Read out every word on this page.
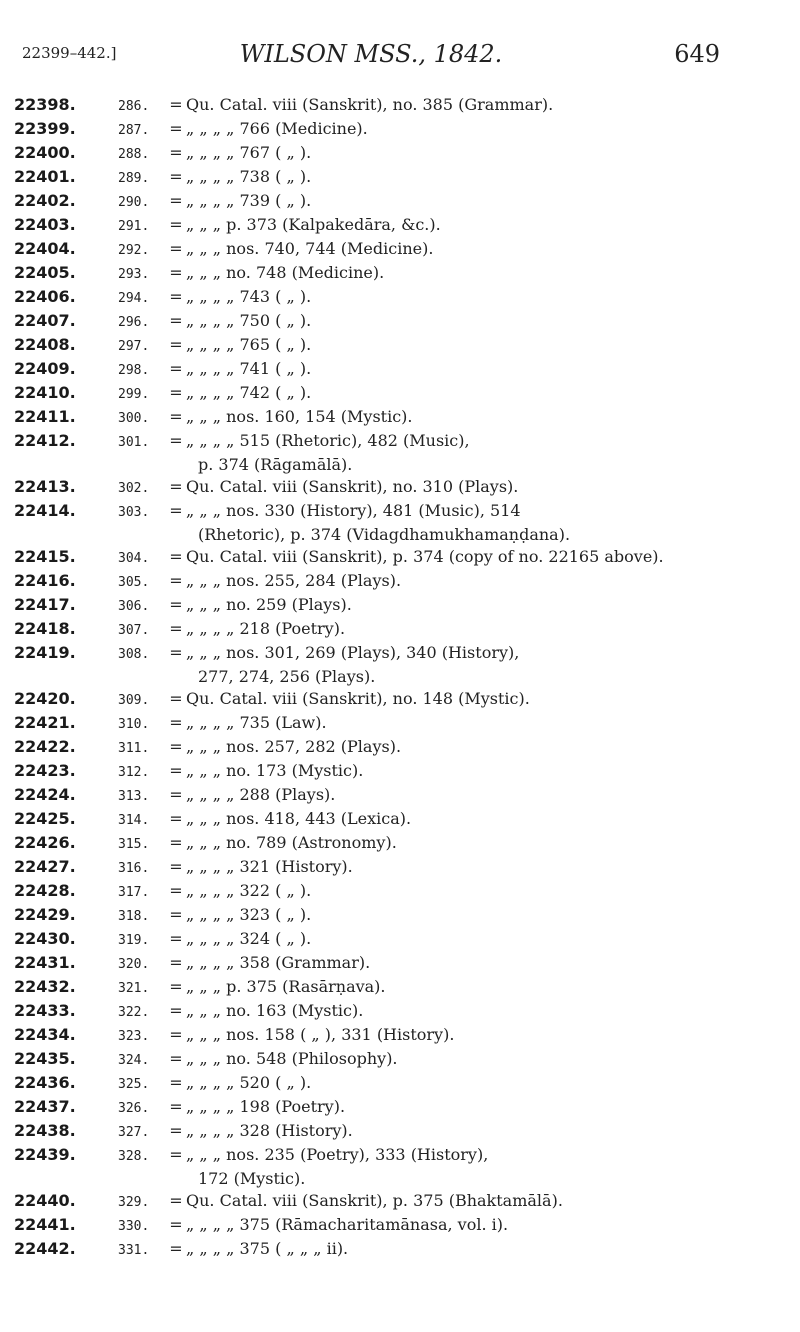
22399–442.]	WILSON MSS., 1842.	649
22398.	286. = Qu. Catal. viii (Sanskrit), no. 385 (Grammar).
22399.	287. = „ „ „ „ 766 (Medicine).
22400.	288. = „ „ „ „ 767 ( „ ).
22401.	289. = „ „ „ „ 738 ( „ ).
22402.	290. = „ „ „ „ 739 ( „ ).
22403.	291. = „ „ „ p. 373 (Kalpakedāra, &c.).
22404.	292. = „ „ „ nos. 740, 744 (Medicine).
22405.	293. = „ „ „ no. 748 (Medicine).
22406.	294. = „ „ „ „ 743 ( „ ).
22407.	296. = „ „ „ „ 750 ( „ ).
22408.	297. = „ „ „ „ 765 ( „ ).
22409.	298. = „ „ „ „ 741 ( „ ).
22410.	299. = „ „ „ „ 742 ( „ ).
22411.	300. = „ „ „ nos. 160, 154 (Mystic).
22412.	301. = „ „ „ „ 515 (Rhetoric), 482 (Music),
p. 374 (Rāgamālā).
22413.	302. = Qu. Catal. viii (Sanskrit), no. 310 (Plays).
22414.	303. = „ „ „ nos. 330 (History), 481 (Music), 514
(Rhetoric), p. 374 (Vidagdhamukhamaṇḍana).
22415.	304. = Qu. Catal. viii (Sanskrit), p. 374 (copy of no. 22165 above).
22416.	305. = „ „ „ nos. 255, 284 (Plays).
22417.	306. = „ „ „ no. 259 (Plays).
22418.	307. = „ „ „ „ 218 (Poetry).
22419.	308. = „ „ „ nos. 301, 269 (Plays), 340 (History),
277, 274, 256 (Plays).
22420.	309. = Qu. Catal. viii (Sanskrit), no. 148 (Mystic).
22421.	310. = „ „ „ „ 735 (Law).
22422.	311. = „ „ „ nos. 257, 282 (Plays).
22423.	312. = „ „ „ no. 173 (Mystic).
22424.	313. = „ „ „ „ 288 (Plays).
22425.	314. = „ „ „ nos. 418, 443 (Lexica).
22426.	315. = „ „ „ no. 789 (Astronomy).
22427.	316. = „ „ „ „ 321 (History).
22428.	317. = „ „ „ „ 322 ( „ ).
22429.	318. = „ „ „ „ 323 ( „ ).
22430.	319. = „ „ „ „ 324 ( „ ).
22431.	320. = „ „ „ „ 358 (Grammar).
22432.	321. = „ „ „ p. 375 (Rasārṇava).
22433.	322. = „ „ „ no. 163 (Mystic).
22434.	323. = „ „ „ nos. 158 ( „ ), 331 (History).
22435.	324. = „ „ „ no. 548 (Philosophy).
22436.	325. = „ „ „ „ 520 ( „ ).
22437.	326. = „ „ „ „ 198 (Poetry).
22438.	327. = „ „ „ „ 328 (History).
22439.	328. = „ „ „ nos. 235 (Poetry), 333 (History),
172 (Mystic).
22440.	329. = Qu. Catal. viii (Sanskrit), p. 375 (Bhaktamālā).
22441.	330. = „ „ „ „ 375 (Rāmacharitamānasa, vol. i).
22442.	331. = „ „ „ „ 375 ( „ „ „ ii).
